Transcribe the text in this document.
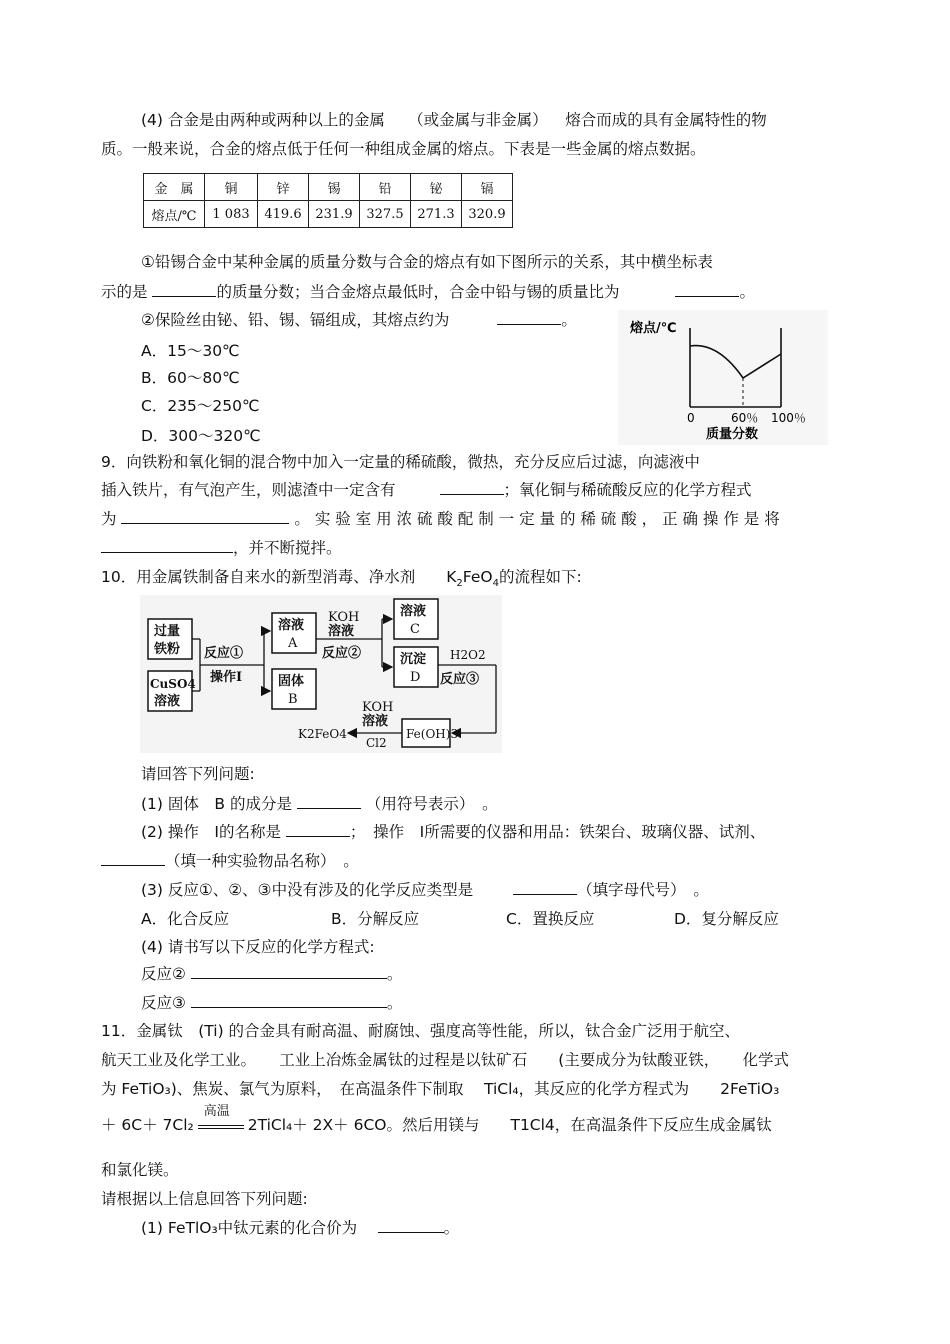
(4) 合金是由两种或两种以上的金属　　（或金属与非金属）　  熔合而成的具有金属特性的物
质。一般来说，合金的熔点低于任何一种组成金属的熔点。下表是一些金属的熔点数据。
金　属	铜	锌	锡	铅	铋	镉
熔点/℃	1 083	419.6	231.9	327.5	271.3	320.9
①铅锡合金中某种金属的质量分数与合金的熔点有如下图所示的关系，其中横坐标表
示的是	的质量分数；当合金熔点最低时，合金中铅与锡的质量比为	。
②保险丝由铋、铅、锡、镉组成，其熔点约为	。
A．15～30℃
B．60～80℃
C．235～250℃
D．300～320℃
熔点/℃
0	60％ 100％
质量分数
9．向铁粉和氧化铜的混合物中加入一定量的稀硫酸，微热，充分反应后过滤，向滤液中
插入铁片，有气泡产生，则滤渣中一定含有	；氧化铜与稀硫酸反应的化学方程式
为	。 实 验 室 用 浓 硫 酸 配 制 一 定 量 的 稀 硫 酸 ， 正 确 操 作 是 将
，并不断搅拌。
10．用金属铁制备自来水的新型消毒、净水剂　　$K_2FeO_4$的流程如下:
过量
铁粉
CuSO4
溶液
反应①
操作Ⅰ
溶液
A
固体
B
KOH
溶液
反应②
溶液
C
沉淀
D
H2O2
反应③
Fe(OH)3
KOH
溶液
Cl2
K2FeO4
请回答下列问题:
(1) 固体　B 的成分是	（用符号表示）　。
(2) 操作　Ⅰ的名称是	；　操作　Ⅰ所需要的仪器和用品：铁架台、玻璃仪器、试剂、
（填一种实验物品名称）　。
(3) 反应①、②、③中没有涉及的化学反应类型是	（填字母代号）　。
A．化合反应	B．分解反应	C．置换反应	D．复分解反应
(4) 请书写以下反应的化学方程式:
反应②	。
反应③	。
11．金属钛　(Ti) 的合金具有耐高温、耐腐蚀、强度高等性能，所以，钛合金广泛用于航空、
航天工业及化学工业。　　工业上冶炼金属钛的过程是以钛矿石　　(主要成分为钛酸亚铁，　　化学式
为 FeTiO₃)、焦炭、氯气为原料，　在高温条件下制取　 TiCl₄，其反应的化学方程式为　　2FeTiO₃
＋ 6C＋ 7Cl₂
高温
2TiCl₄＋ 2X＋ 6CO。然后用镁与　　T1Cl4，在高温条件下反应生成金属钛
和氯化镁。
请根据以上信息回答下列问题:
(1) FeTlO₃中钛元素的化合价为　	。
